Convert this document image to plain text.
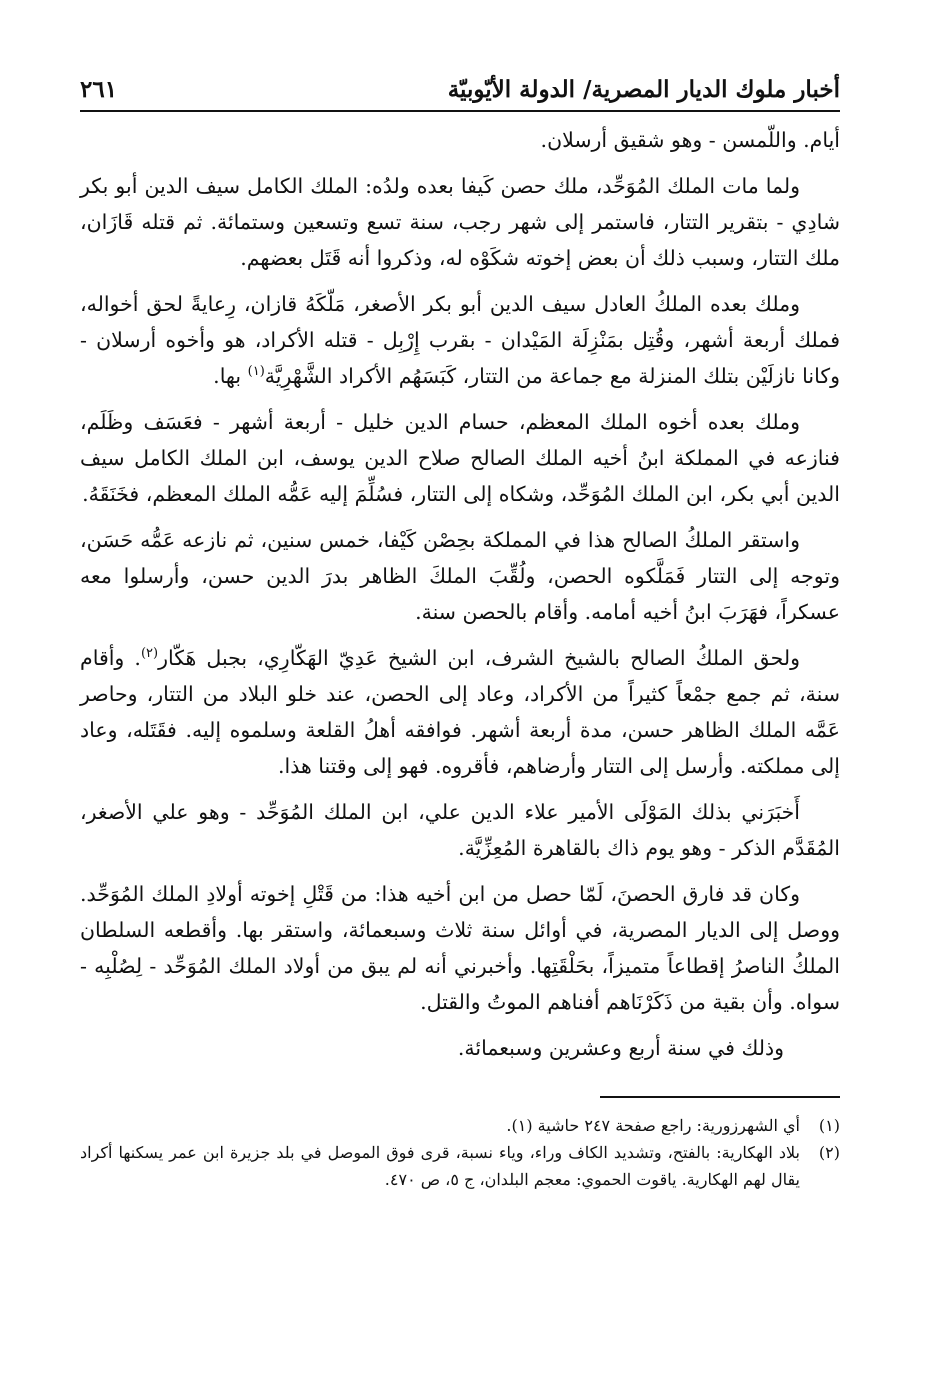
أخبار ملوك الديار المصرية/ الدولة الأيّوبيّة
٢٦١

أيام. واللّمسن - وهو شقيق أرسلان.

ولما مات الملك المُوَحِّد، ملك حصن كَيفا بعده ولدُه: الملك الكامل سيف الدين أبو بكر شادِي - بتقرير التتار، فاستمر إلى شهر رجب، سنة تسع وتسعين وستمائة. ثم قتله قَازَان، ملك التتار، وسبب ذلك أن بعض إخوته شكَوْه له، وذكروا أنه قَتَل بعضهم.

وملك بعده الملكُ العادل سيف الدين أبو بكر الأصغر، مَلّكَهُ قازان، رِعايةً لحق أخواله، فملك أربعة أشهر، وقُتِل بمَنْزِلَة المَيْدان - بقرب إِرْبِل - قتله الأكراد، هو وأخوه أرسلان - وكانا نازلَيْن بتلك المنزلة مع جماعة من التتار، كَبَسَهُم الأكراد الشَّهْرِيَّة$^{(١)}$ بها.

وملك بعده أخوه الملك المعظم، حسام الدين خليل - أربعة أشهر - فعَسَف وظَلَم، فنازعه في المملكة ابنُ أخيه الملك الصالح صلاح الدين يوسف، ابن الملك الكامل سيف الدين أبي بكر، ابن الملك المُوَحِّد، وشكاه إلى التتار، فسُلِّمَ إليه عَمُّه الملك المعظم، فخَنَقَهُ.

واستقر الملكُ الصالح هذا في المملكة بحِصْن كَيْفا، خمس سنين، ثم نازعه عَمُّه حَسَن، وتوجه إلى التتار فَمَلَّكوه الحصن، ولُقِّبَ الملكَ الظاهر بدرَ الدين حسن، وأرسلوا معه عسكراً، فهَرَبَ ابنُ أخيه أمامه. وأقام بالحصن سنة.

ولحق الملكُ الصالح بالشيخ الشرف، ابن الشيخ عَدِيّ الهَكّارِي، بجبل هَكّار$^{(٢)}$. وأقام سنة، ثم جمع جمْعاً كثيراً من الأكراد، وعاد إلى الحصن، عند خلو البلاد من التتار، وحاصر عَمَّه الملك الظاهر حسن، مدة أربعة أشهر. فوافقه أهلُ القلعة وسلموه إليه. فقَتَله، وعاد إلى مملكته. وأرسل إلى التتار وأرضاهم، فأقروه. فهو إلى وقتنا هذا.

أَخبَرَني بذلك المَوْلَى الأمير علاء الدين علي، ابن الملك المُوَحِّد - وهو علي الأصغر، المُقَدَّم الذكر - وهو يوم ذاك بالقاهرة المُعِزِّيَّة.

وكان قد فارق الحصنَ، لَمّا حصل من ابن أخيه هذا: من قَتْلِ إخوته أولادِ الملك المُوَحِّد. ووصل إلى الديار المصرية، في أوائل سنة ثلاث وسبعمائة، واستقر بها. وأقطعه السلطان الملكُ الناصرُ إقطاعاً متميزاً، بحَلْقَتِها. وأخبرني أنه لم يبق من أولاد الملك المُوَحِّد - لِصُلْبِه - سواه. وأن بقية من ذَكَرْنَاهم أفناهم الموتُ والقتل.

وذلك في سنة أربع وعشرين وسبعمائة.

(١)
أي الشهرزورية: راجع صفحة ٢٤٧ حاشية (١).
(٢)
بلاد الهكارية: بالفتح، وتشديد الكاف وراء، وياء نسبة، قرى فوق الموصل في بلد جزيرة ابن عمر يسكنها أكراد يقال لهم الهكارية. ياقوت الحموي: معجم البلدان، ج ٥، ص ٤٧٠.
